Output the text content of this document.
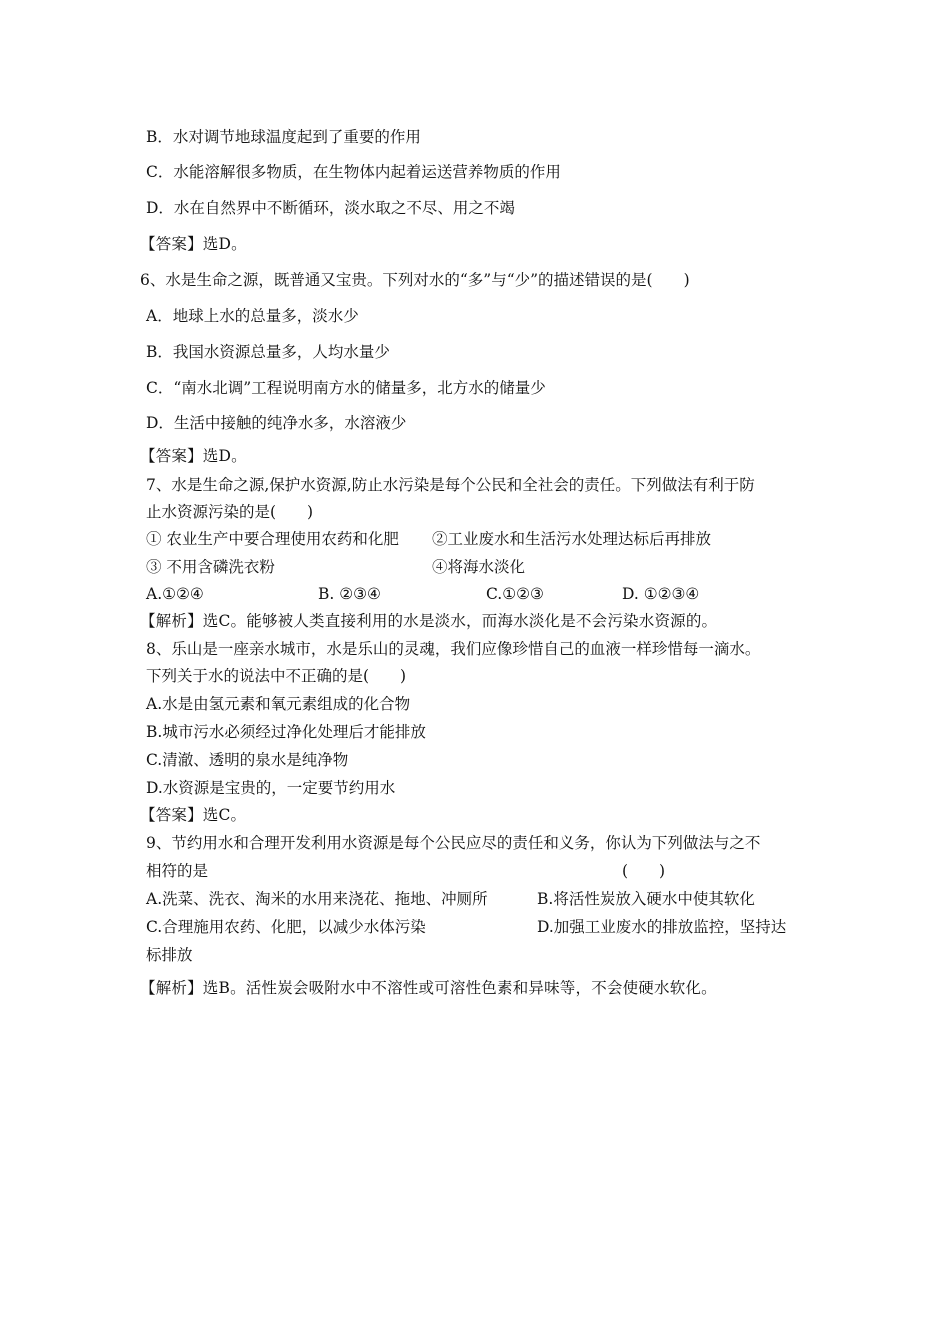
B．水对调节地球温度起到了重要的作用
C．水能溶解很多物质，在生物体内起着运送营养物质的作用
D．水在自然界中不断循环，淡水取之不尽、用之不竭
【答案】选D。
6、水是生命之源，既普通又宝贵。下列对水的“多”与“少”的描述错误的是(　　)
A．地球上水的总量多，淡水少
B．我国水资源总量多，人均水量少
C．“南水北调”工程说明南方水的储量多，北方水的储量少
D．生活中接触的纯净水多，水溶液少
【答案】选D。
7、水是生命之源,保护水资源,防止水污染是每个公民和全社会的责任。下列做法有利于防
止水资源污染的是(　　)
① 农业生产中要合理使用农药和化肥 ②工业废水和生活污水处理达标后再排放
③ 不用含磷洗衣粉	④将海水淡化
A.①②④	B. ②③④	C.①②③	D. ①②③④
【解析】选C。能够被人类直接利用的水是淡水，而海水淡化是不会污染水资源的。
8、乐山是一座亲水城市，水是乐山的灵魂，我们应像珍惜自己的血液一样珍惜每一滴水。
下列关于水的说法中不正确的是(　　)
A.水是由氢元素和氧元素组成的化合物
B.城市污水必须经过净化处理后才能排放
C.清澈、透明的泉水是纯净物
D.水资源是宝贵的，一定要节约用水
【答案】选C。
9、节约用水和合理开发利用水资源是每个公民应尽的责任和义务，你认为下列做法与之不
相符的是	(　　)
A.洗菜、洗衣、淘米的水用来浇花、拖地、冲厕所	B.将活性炭放入硬水中使其软化
C.合理施用农药、化肥，以减少水体污染	D.加强工业废水的排放监控，坚持达
标排放
【解析】选B。活性炭会吸附水中不溶性或可溶性色素和异味等，不会使硬水软化。
